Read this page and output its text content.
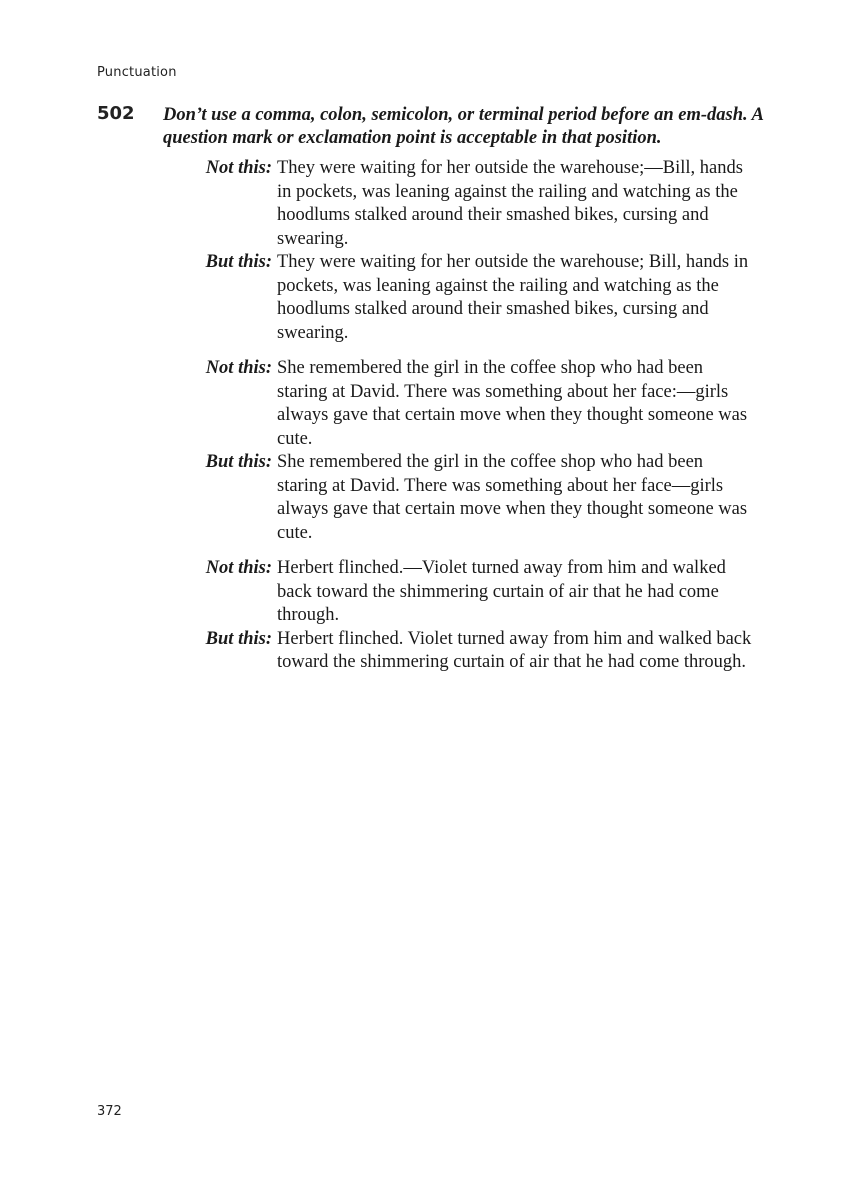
Punctuation
502 Don’t use a comma, colon, semicolon, or terminal period before an em-dash. A question mark or exclamation point is acceptable in that position.
Not this: They were waiting for her outside the warehouse;—Bill, hands in pockets, was leaning against the railing and watching as the hoodlums stalked around their smashed bikes, cursing and swearing.
But this: They were waiting for her outside the warehouse; Bill, hands in pockets, was leaning against the railing and watching as the hoodlums stalked around their smashed bikes, cursing and swearing.
Not this: She remembered the girl in the coffee shop who had been staring at David. There was something about her face:—girls always gave that certain move when they thought someone was cute.
But this: She remembered the girl in the coffee shop who had been staring at David. There was something about her face—girls always gave that certain move when they thought someone was cute.
Not this: Herbert flinched.—Violet turned away from him and walked back toward the shimmering curtain of air that he had come through.
But this: Herbert flinched. Violet turned away from him and walked back toward the shimmering curtain of air that he had come through.
372
